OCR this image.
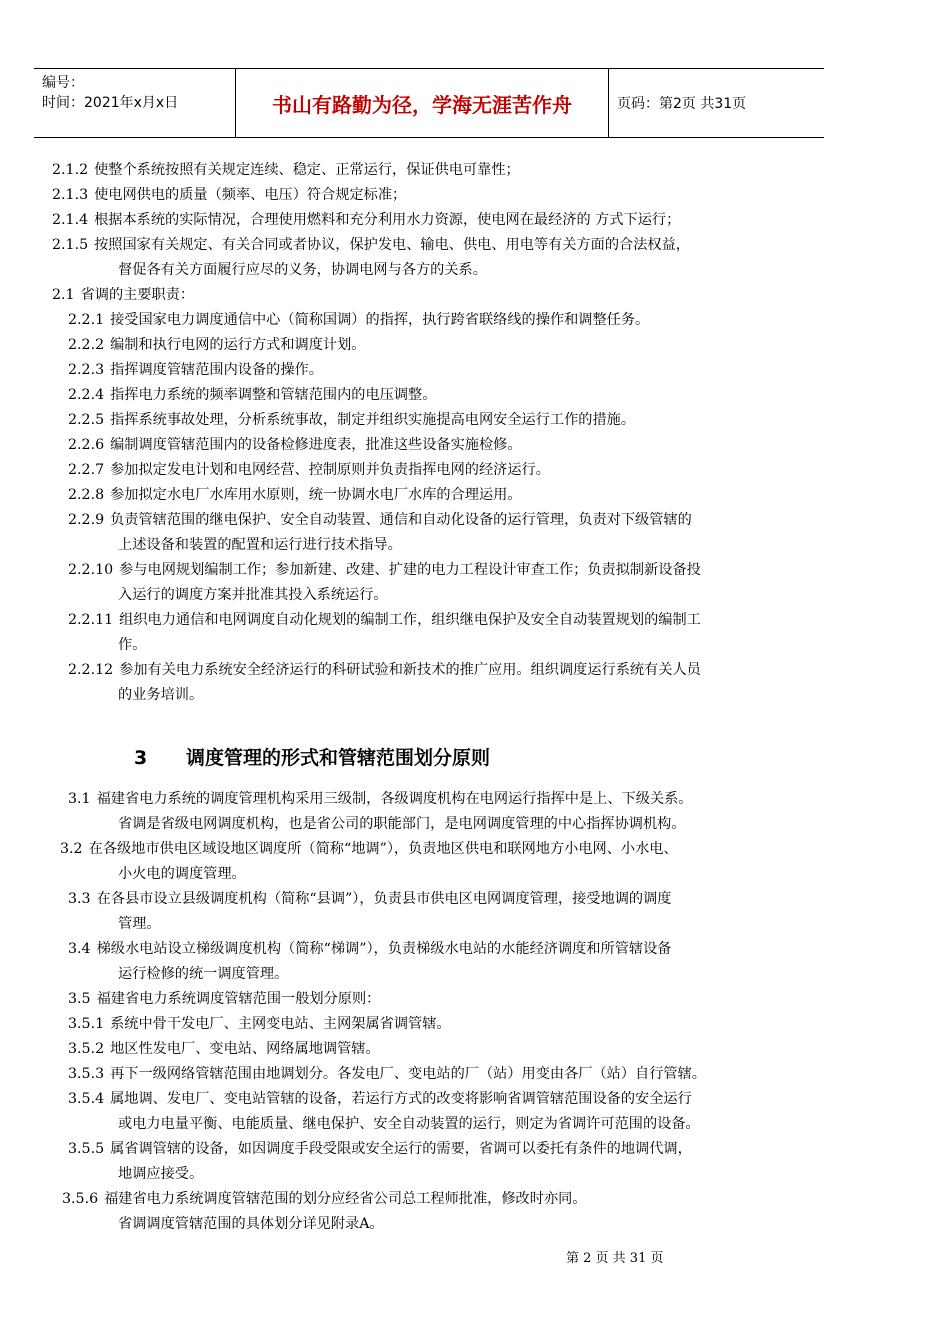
编号：
时间：2021年x月x日	书山有路勤为径，学海无涯苦作舟	页码：第2页 共31页
2.1.2 使整个系统按照有关规定连续、稳定、正常运行，保证供电可靠性；
2.1.3 使电网供电的质量（频率、电压）符合规定标准；
2.1.4 根据本系统的实际情况，合理使用燃料和充分利用水力资源，使电网在最经济的 方式下运行；
2.1.5 按照国家有关规定、有关合同或者协议，保护发电、输电、供电、用电等有关方面的合法权益，
督促各有关方面履行应尽的义务，协调电网与各方的关系。
2.1 省调的主要职责：
2.2.1 接受国家电力调度通信中心（简称国调）的指挥，执行跨省联络线的操作和调整任务。
2.2.2 编制和执行电网的运行方式和调度计划。
2.2.3 指挥调度管辖范围内设备的操作。
2.2.4 指挥电力系统的频率调整和管辖范围内的电压调整。
2.2.5 指挥系统事故处理，分析系统事故，制定并组织实施提高电网安全运行工作的措施。
2.2.6 编制调度管辖范围内的设备检修进度表，批准这些设备实施检修。
2.2.7 参加拟定发电计划和电网经营、控制原则并负责指挥电网的经济运行。
2.2.8 参加拟定水电厂水库用水原则，统一协调水电厂水库的合理运用。
2.2.9 负责管辖范围的继电保护、安全自动装置、通信和自动化设备的运行管理，负责对下级管辖的
上述设备和装置的配置和运行进行技术指导。
2.2.10 参与电网规划编制工作；参加新建、改建、扩建的电力工程设计审查工作；负责拟制新设备投
入运行的调度方案并批准其投入系统运行。
2.2.11 组织电力通信和电网调度自动化规划的编制工作，组织继电保护及安全自动装置规划的编制工
作。
2.2.12 参加有关电力系统安全经济运行的科研试验和新技术的推广应用。组织调度运行系统有关人员
的业务培训。
3.1 福建省电力系统的调度管理机构采用三级制，各级调度机构在电网运行指挥中是上、下级关系。
省调是省级电网调度机构，也是省公司的职能部门，是电网调度管理的中心指挥协调机构。
3.2 在各级地市供电区域设地区调度所（简称“地调”），负责地区供电和联网地方小电网、小水电、
小火电的调度管理。
3.3 在各县市设立县级调度机构（简称“县调”），负责县市供电区电网调度管理，接受地调的调度
管理。
3.4 梯级水电站设立梯级调度机构（简称“梯调”），负责梯级水电站的水能经济调度和所管辖设备
运行检修的统一调度管理。
3.5 福建省电力系统调度管辖范围一般划分原则：
3.5.1 系统中骨干发电厂、主网变电站、主网架属省调管辖。
3.5.2 地区性发电厂、变电站、网络属地调管辖。
3.5.3 再下一级网络管辖范围由地调划分。各发电厂、变电站的厂（站）用变由各厂（站）自行管辖。
3.5.4 属地调、发电厂、变电站管辖的设备，若运行方式的改变将影响省调管辖范围设备的安全运行
或电力电量平衡、电能质量、继电保护、安全自动装置的运行，则定为省调许可范围的设备。
3.5.5 属省调管辖的设备，如因调度手段受限或安全运行的需要，省调可以委托有条件的地调代调，
地调应接受。
3.5.6 福建省电力系统调度管辖范围的划分应经省公司总工程师批准，修改时亦同。
省调调度管辖范围的具体划分详见附录A。
第 2 页 共 31 页
3 调度管理的形式和管辖范围划分原则
